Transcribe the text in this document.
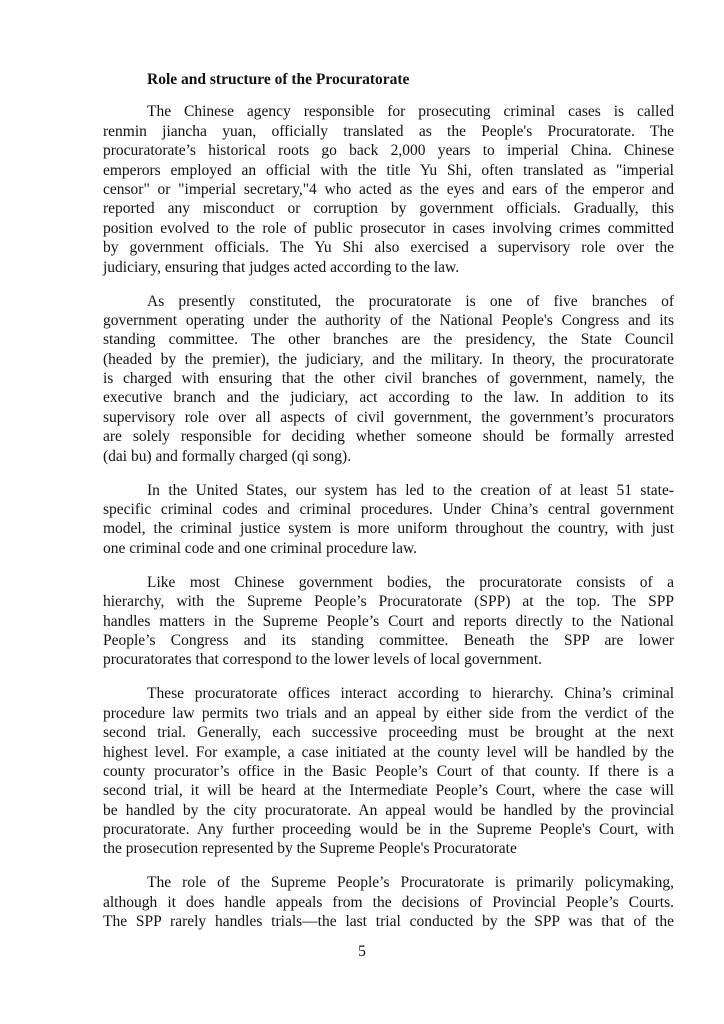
Role and structure of the Procuratorate
The Chinese agency responsible for prosecuting criminal cases is called
renmin jiancha yuan, officially translated as the People's Procuratorate. The
procuratorate’s historical roots go back 2,000 years to imperial China. Chinese
emperors employed an official with the title Yu Shi, often translated as "imperial
censor" or "imperial secretary,"4 who acted as the eyes and ears of the emperor and
reported any misconduct or corruption by government officials. Gradually, this
position evolved to the role of public prosecutor in cases involving crimes committed
by government officials. The Yu Shi also exercised a supervisory role over the
judiciary, ensuring that judges acted according to the law.
As presently constituted, the procuratorate is one of five branches of
government operating under the authority of the National People's Congress and its
standing committee. The other branches are the presidency, the State Council
(headed by the premier), the judiciary, and the military. In theory, the procuratorate
is charged with ensuring that the other civil branches of government, namely, the
executive branch and the judiciary, act according to the law. In addition to its
supervisory role over all aspects of civil government, the government’s procurators
are solely responsible for deciding whether someone should be formally arrested
(dai bu) and formally charged (qi song).
In the United States, our system has led to the creation of at least 51 state-
specific criminal codes and criminal procedures. Under China’s central government
model, the criminal justice system is more uniform throughout the country, with just
one criminal code and one criminal procedure law.
Like most Chinese government bodies, the procuratorate consists of a
hierarchy, with the Supreme People’s Procuratorate (SPP) at the top. The SPP
handles matters in the Supreme People’s Court and reports directly to the National
People’s Congress and its standing committee. Beneath the SPP are lower
procuratorates that correspond to the lower levels of local government.
These procuratorate offices interact according to hierarchy. China’s criminal
procedure law permits two trials and an appeal by either side from the verdict of the
second trial. Generally, each successive proceeding must be brought at the next
highest level. For example, a case initiated at the county level will be handled by the
county procurator’s office in the Basic People’s Court of that county. If there is a
second trial, it will be heard at the Intermediate People’s Court, where the case will
be handled by the city procuratorate. An appeal would be handled by the provincial
procuratorate. Any further proceeding would be in the Supreme People's Court, with
the prosecution represented by the Supreme People's Procuratorate
The role of the Supreme People’s Procuratorate is primarily policymaking,
although it does handle appeals from the decisions of Provincial People’s Courts.
The SPP rarely handles trials—the last trial conducted by the SPP was that of the
5
